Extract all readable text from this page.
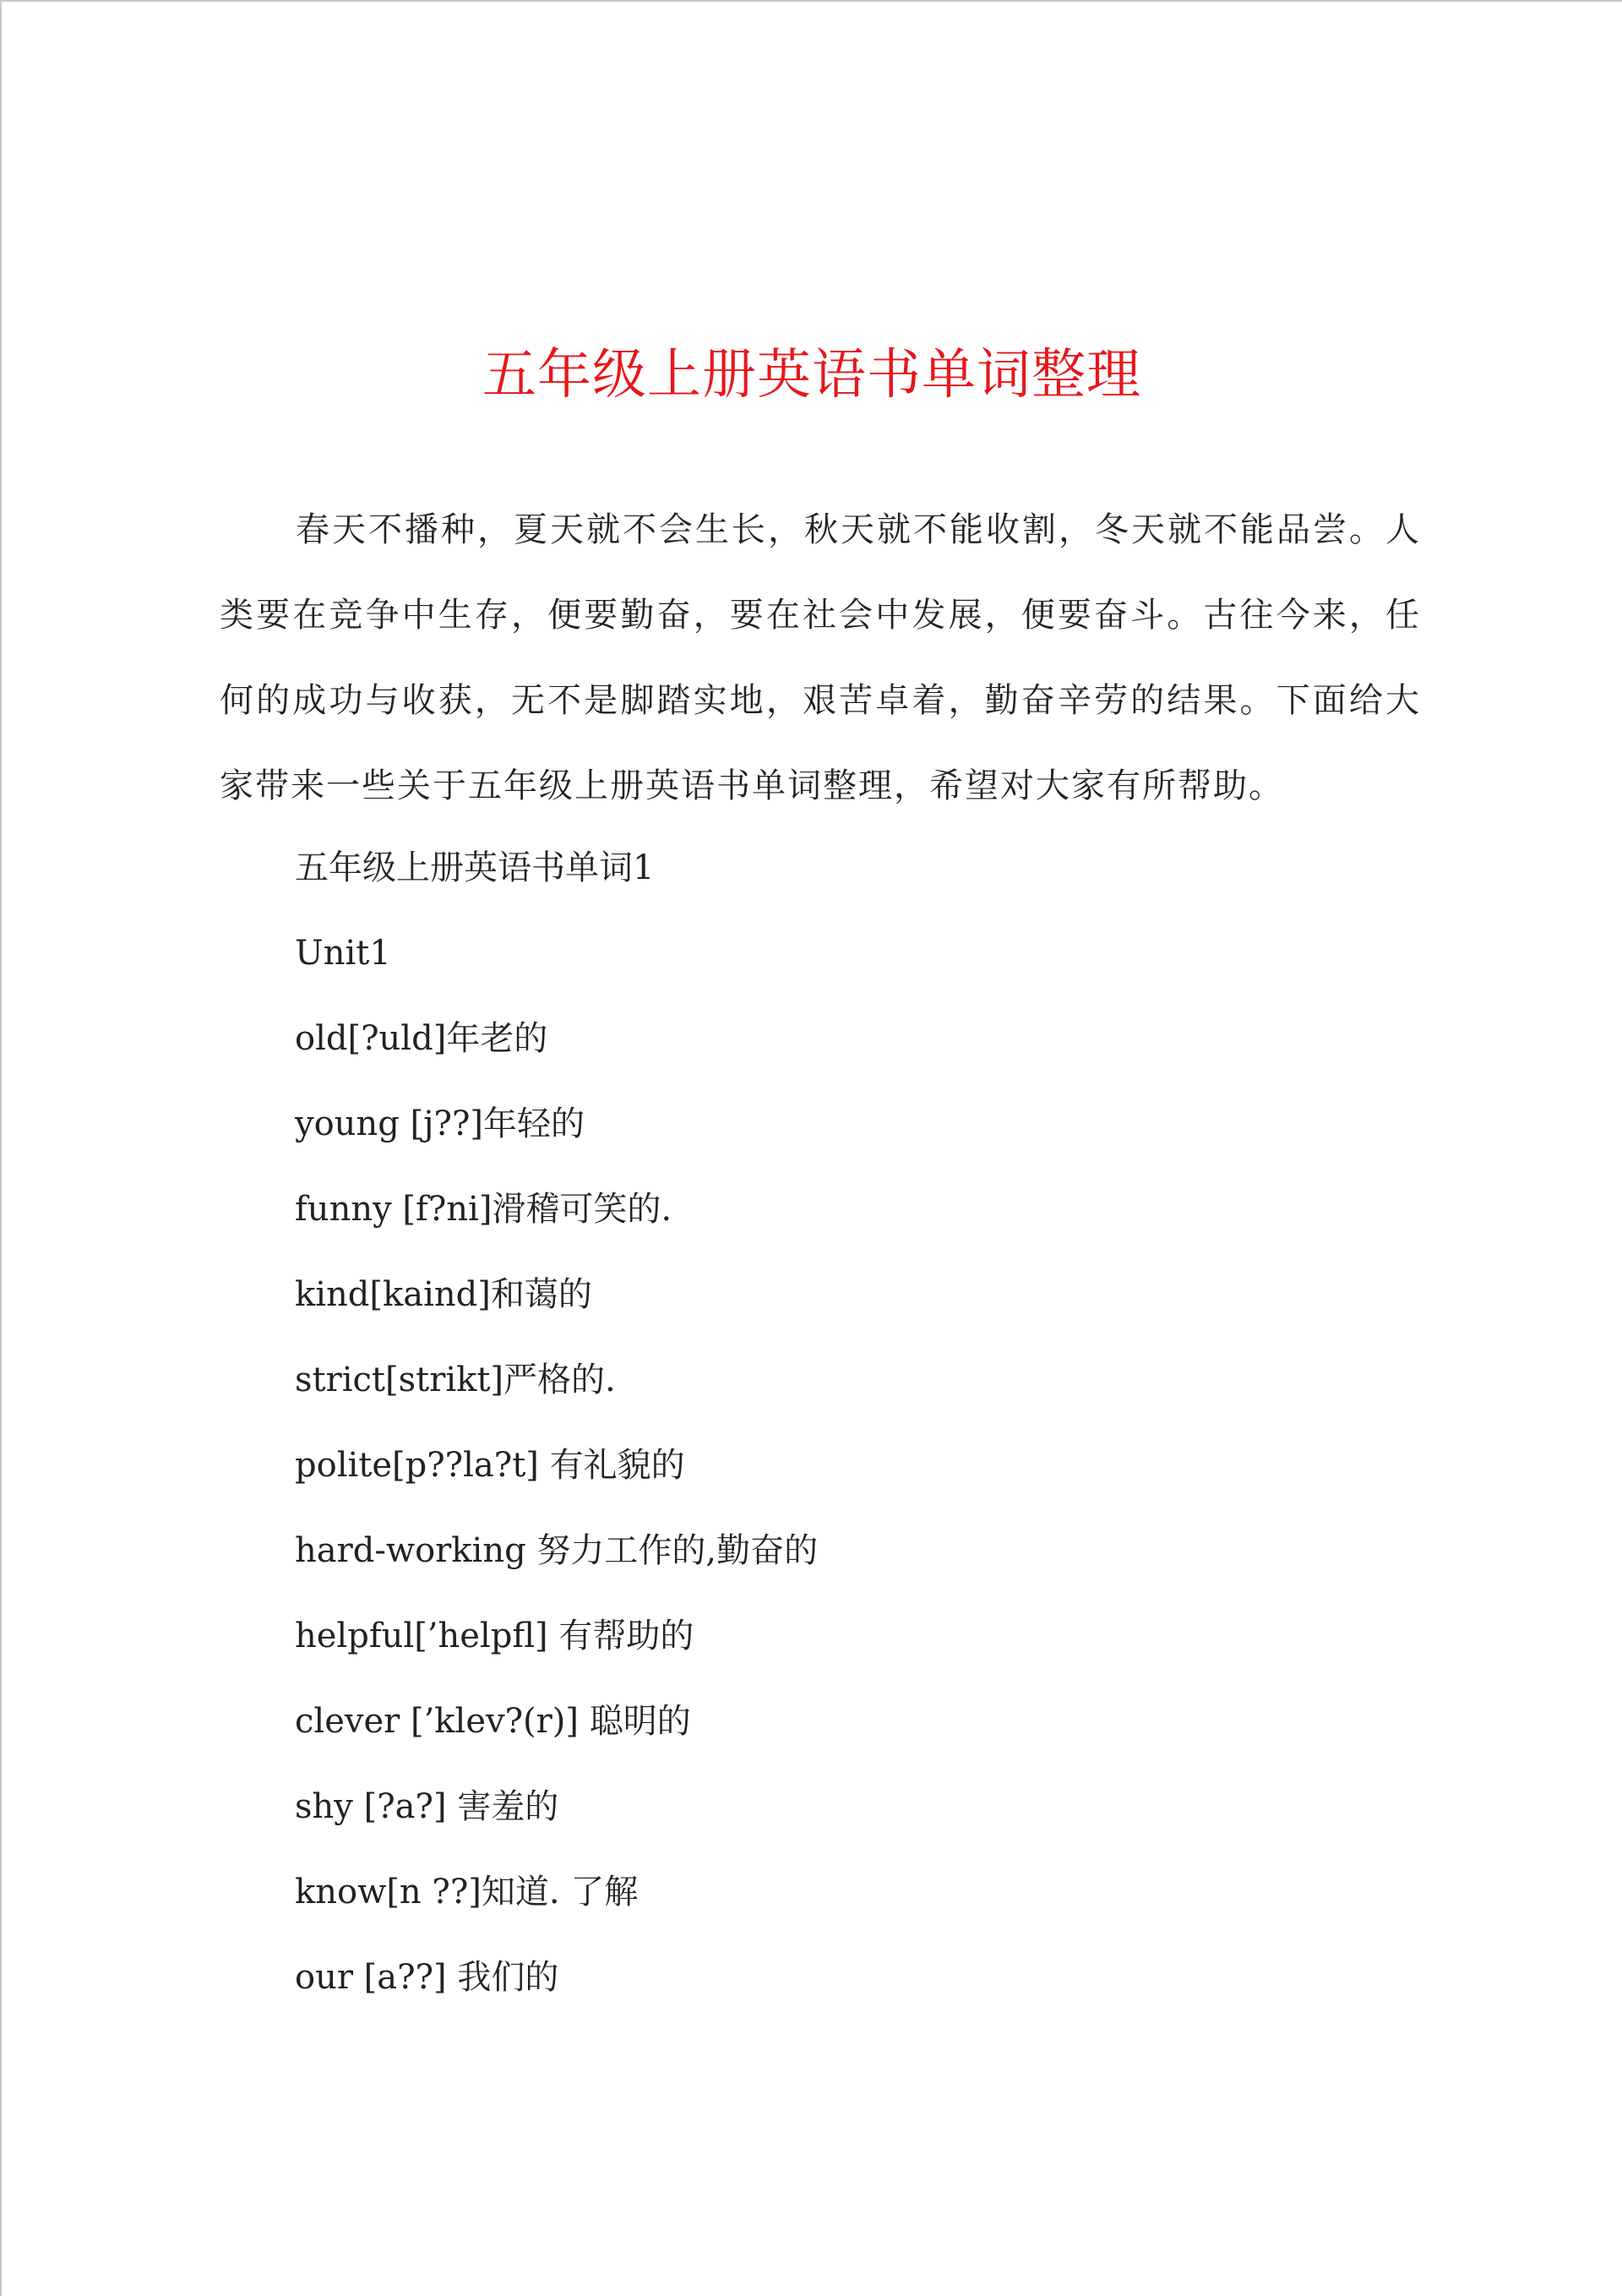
五年级上册英语书单词整理

春天不播种，夏天就不会生长，秋天就不能收割，冬天就不能品尝。人类要在竞争中生存，便要勤奋，要在社会中发展，便要奋斗。古往今来，任何的成功与收获，无不是脚踏实地，艰苦卓着，勤奋辛劳的结果。下面给大家带来一些关于五年级上册英语书单词整理，希望对大家有所帮助。

五年级上册英语书单词1
Unit1
old[?uld]年老的
young [j??]年轻的
funny [f?ni]滑稽可笑的.
kind[kaind]和蔼的
strict[strikt]严格的.
polite[p??la?t] 有礼貌的
hard-working 努力工作的,勤奋的
helpful[’helpfl] 有帮助的
clever [’klev?(r)] 聪明的
shy [?a?] 害羞的
know[n ??]知道. 了解
our [a??] 我们的
